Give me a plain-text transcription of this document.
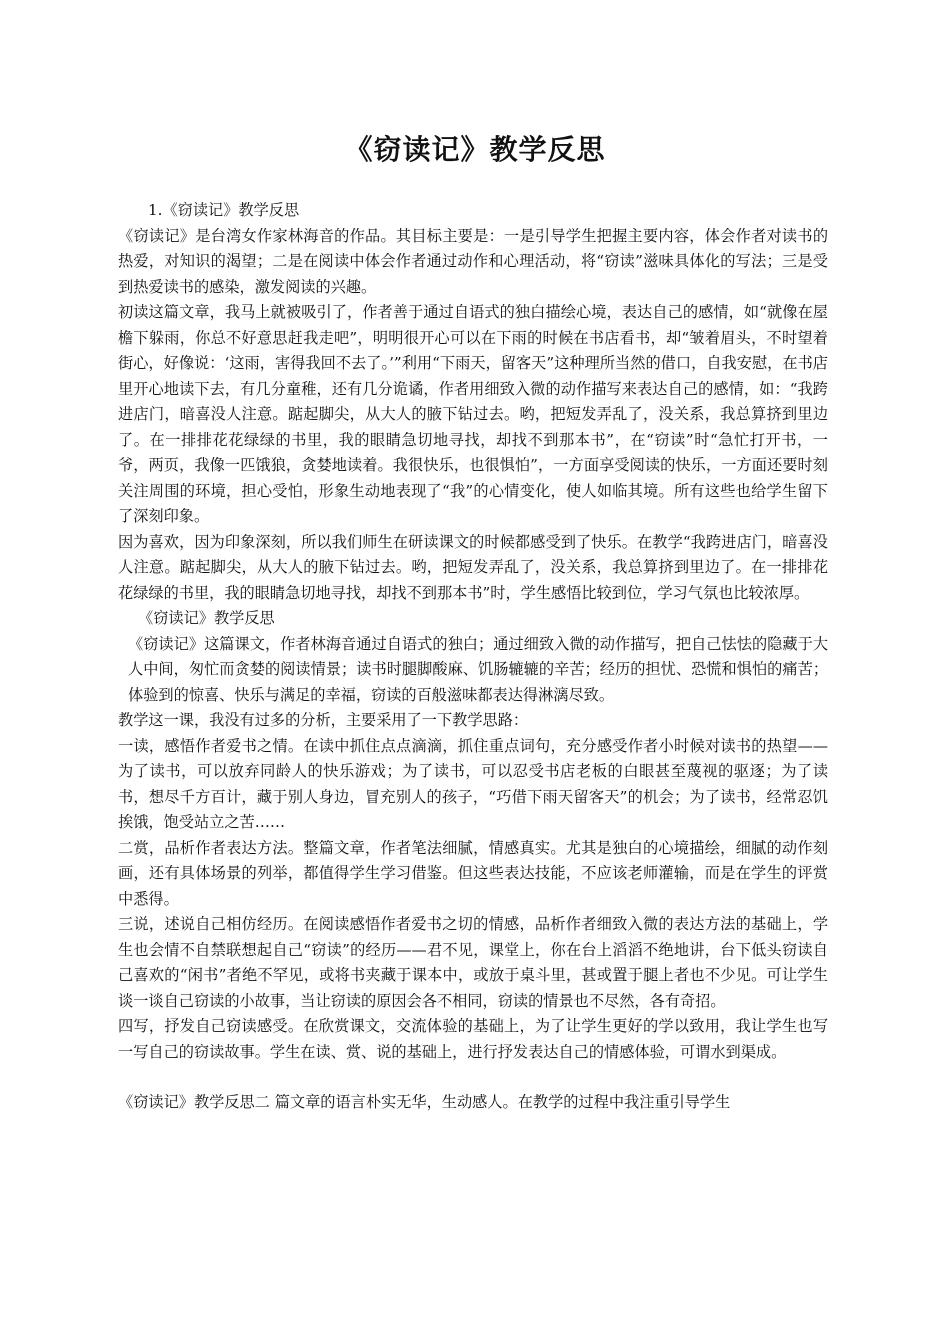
《窃读记》教学反思

1.《窃读记》教学反思

《窃读记》是台湾女作家林海音的作品。其目标主要是：一是引导学生把握主要内容，体会作者对读书的热爱，对知识的渴望；二是在阅读中体会作者通过动作和心理活动，将“窃读”滋味具体化的写法；三是受到热爱读书的感染，激发阅读的兴趣。

初读这篇文章，我马上就被吸引了，作者善于通过自语式的独白描绘心境，表达自己的感情，如“就像在屋檐下躲雨，你总不好意思赶我走吧”，明明很开心可以在下雨的时候在书店看书，却“皱着眉头，不时望着街心，好像说：‘这雨，害得我回不去了。’”利用“下雨天，留客天”这种理所当然的借口，自我安慰，在书店里开心地读下去，有几分童稚，还有几分诡谲，作者用细致入微的动作描写来表达自己的感情，如：“我跨进店门，暗喜没人注意。踮起脚尖，从大人的腋下钻过去。哟，把短发弄乱了，没关系，我总算挤到里边了。在一排排花花绿绿的书里，我的眼睛急切地寻找，却找不到那本书”，在“窃读”时“急忙打开书，一爷，两页，我像一匹饿狼，贪婪地读着。我很快乐，也很惧怕”，一方面享受阅读的快乐，一方面还要时刻关注周围的环境，担心受怕，形象生动地表现了“我”的心情变化，使人如临其境。所有这些也给学生留下了深刻印象。

因为喜欢，因为印象深刻，所以我们师生在研读课文的时候都感受到了快乐。在教学“我跨进店门，暗喜没人注意。踮起脚尖，从大人的腋下钻过去。哟，把短发弄乱了，没关系，我总算挤到里边了。在一排排花花绿绿的书里，我的眼睛急切地寻找，却找不到那本书”时，学生感悟比较到位，学习气氛也比较浓厚。

《窃读记》教学反思

《窃读记》这篇课文，作者林海音通过自语式的独白；通过细致入微的动作描写，把自己怯怯的隐藏于大人中间，匆忙而贪婪的阅读情景；读书时腿脚酸麻、饥肠辘辘的辛苦；经历的担忧、恐慌和惧怕的痛苦；体验到的惊喜、快乐与满足的幸福，窃读的百般滋味都表达得淋漓尽致。

教学这一课，我没有过多的分析，主要采用了一下教学思路：

一读，感悟作者爱书之情。在读中抓住点点滴滴，抓住重点词句，充分感受作者小时候对读书的热望——为了读书，可以放弃同龄人的快乐游戏；为了读书，可以忍受书店老板的白眼甚至蔑视的驱逐；为了读书，想尽千方百计，藏于别人身边，冒充别人的孩子，“巧借下雨天留客天”的机会；为了读书，经常忍饥挨饿，饱受站立之苦……

二赏，品析作者表达方法。整篇文章，作者笔法细腻，情感真实。尤其是独白的心境描绘，细腻的动作刻画，还有具体场景的列举，都值得学生学习借鉴。但这些表达技能，不应该老师灌输，而是在学生的评赏中悉得。

三说，述说自己相仿经历。在阅读感悟作者爱书之切的情感，品析作者细致入微的表达方法的基础上，学生也会情不自禁联想起自己“窃读”的经历——君不见，课堂上，你在台上滔滔不绝地讲，台下低头窃读自己喜欢的“闲书”者绝不罕见，或将书夹藏于课本中，或放于桌斗里，甚或置于腿上者也不少见。可让学生谈一谈自己窃读的小故事，当让窃读的原因会各不相同，窃读的情景也不尽然，各有奇招。

四写，抒发自己窃读感受。在欣赏课文，交流体验的基础上，为了让学生更好的学以致用，我让学生也写一写自己的窃读故事。学生在读、赏、说的基础上，进行抒发表达自己的情感体验，可谓水到渠成。

《窃读记》教学反思二 篇文章的语言朴实无华，生动感人。在教学的过程中我注重引导学生
